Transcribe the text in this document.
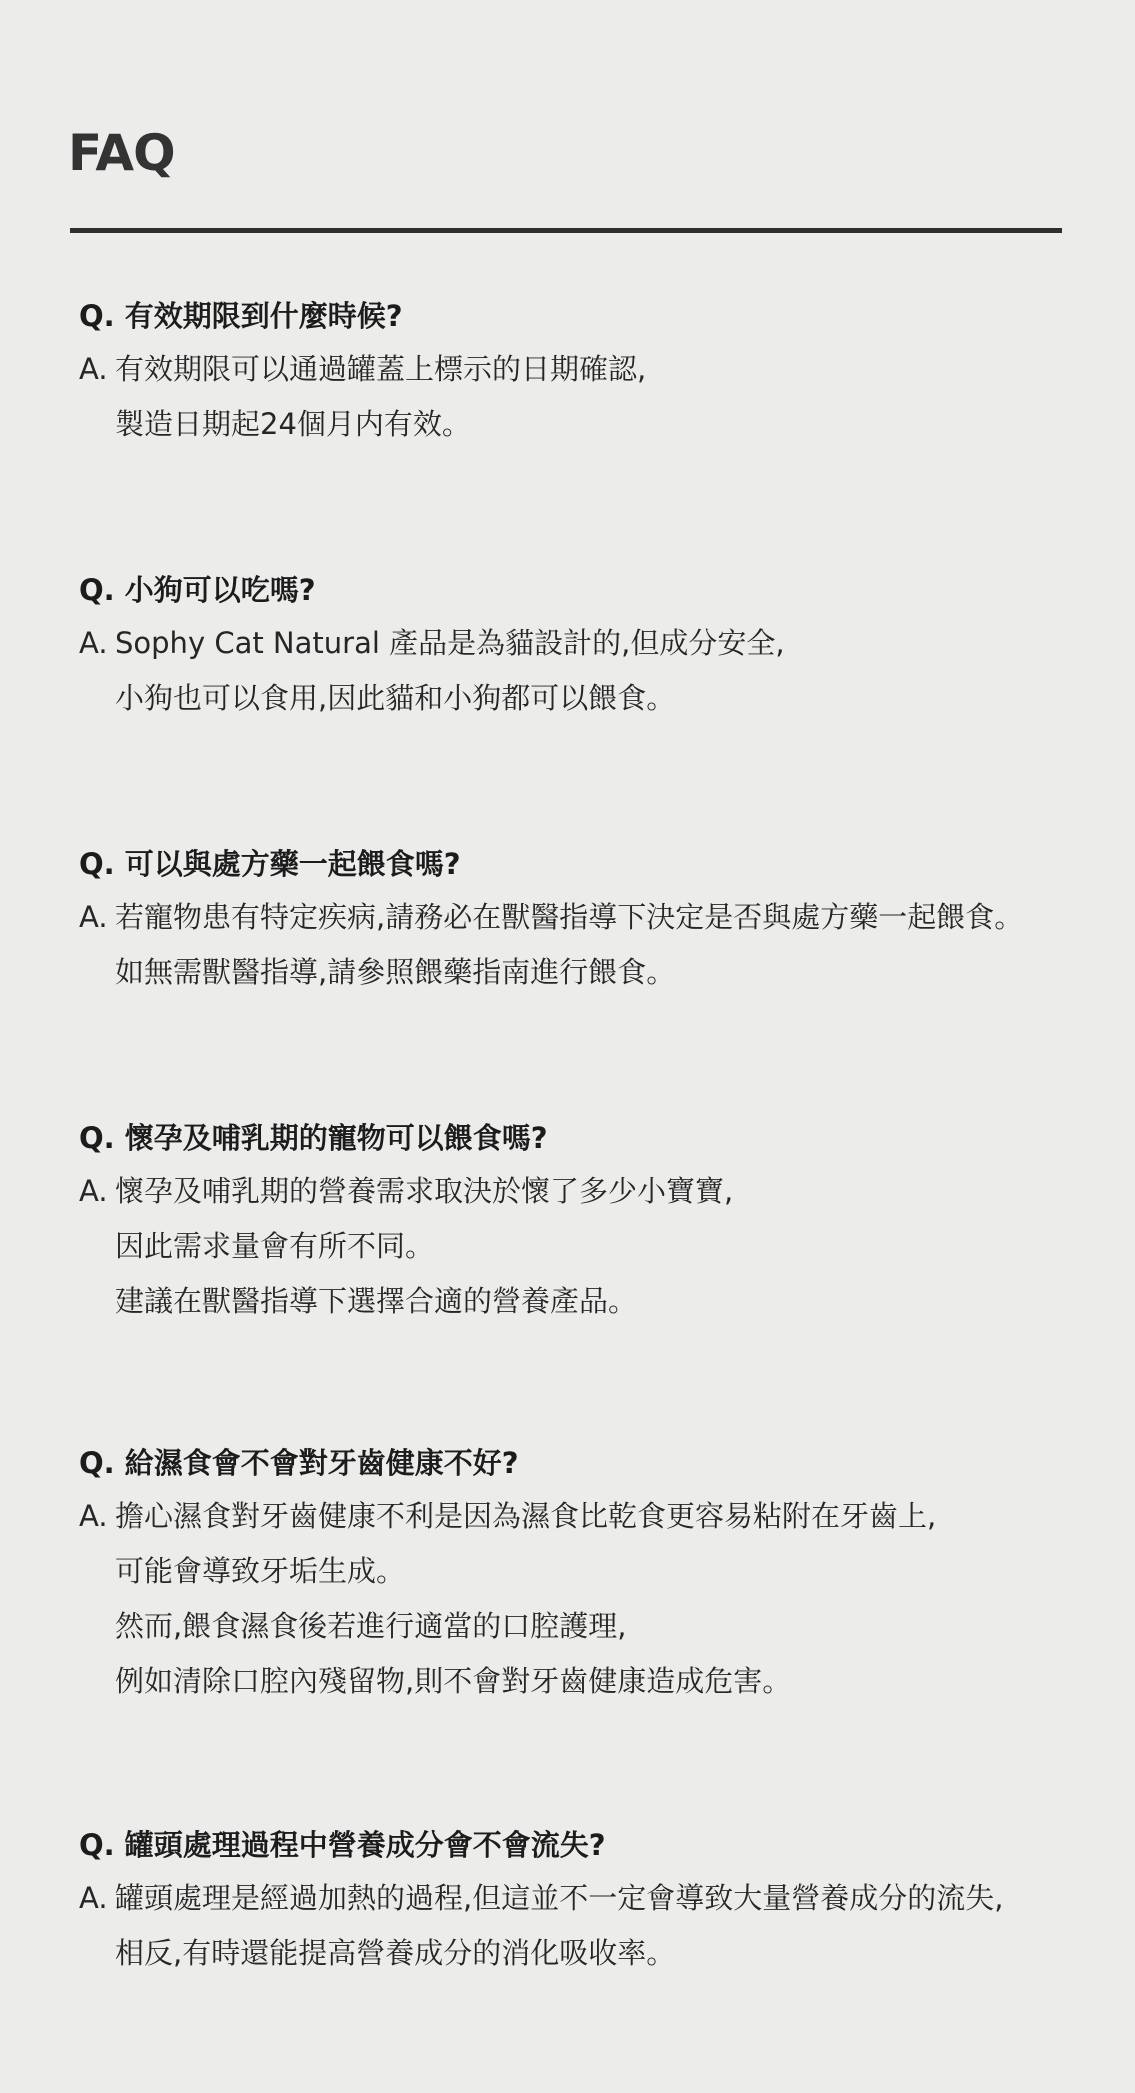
FAQ
Q. 有效期限到什麼時候?
A. 有效期限可以通過罐蓋上標示的日期確認,
製造日期起24個月内有效。
Q. 小狗可以吃嗎?
A. Sophy Cat Natural 產品是為貓設計的,但成分安全,
小狗也可以食用,因此貓和小狗都可以餵食。
Q. 可以與處方藥一起餵食嗎?
A. 若寵物患有特定疾病,請務必在獸醫指導下決定是否與處方藥一起餵食。
如無需獸醫指導,請參照餵藥指南進行餵食。
Q. 懷孕及哺乳期的寵物可以餵食嗎?
A. 懷孕及哺乳期的營養需求取決於懷了多少小寶寶,
因此需求量會有所不同。
建議在獸醫指導下選擇合適的營養產品。
Q. 給濕食會不會對牙齒健康不好?
A. 擔心濕食對牙齒健康不利是因為濕食比乾食更容易粘附在牙齒上,
可能會導致牙垢生成。
然而,餵食濕食後若進行適當的口腔護理,
例如清除口腔內殘留物,則不會對牙齒健康造成危害。
Q. 罐頭處理過程中營養成分會不會流失?
A. 罐頭處理是經過加熱的過程,但這並不一定會導致大量營養成分的流失,
相反,有時還能提高營養成分的消化吸收率。
